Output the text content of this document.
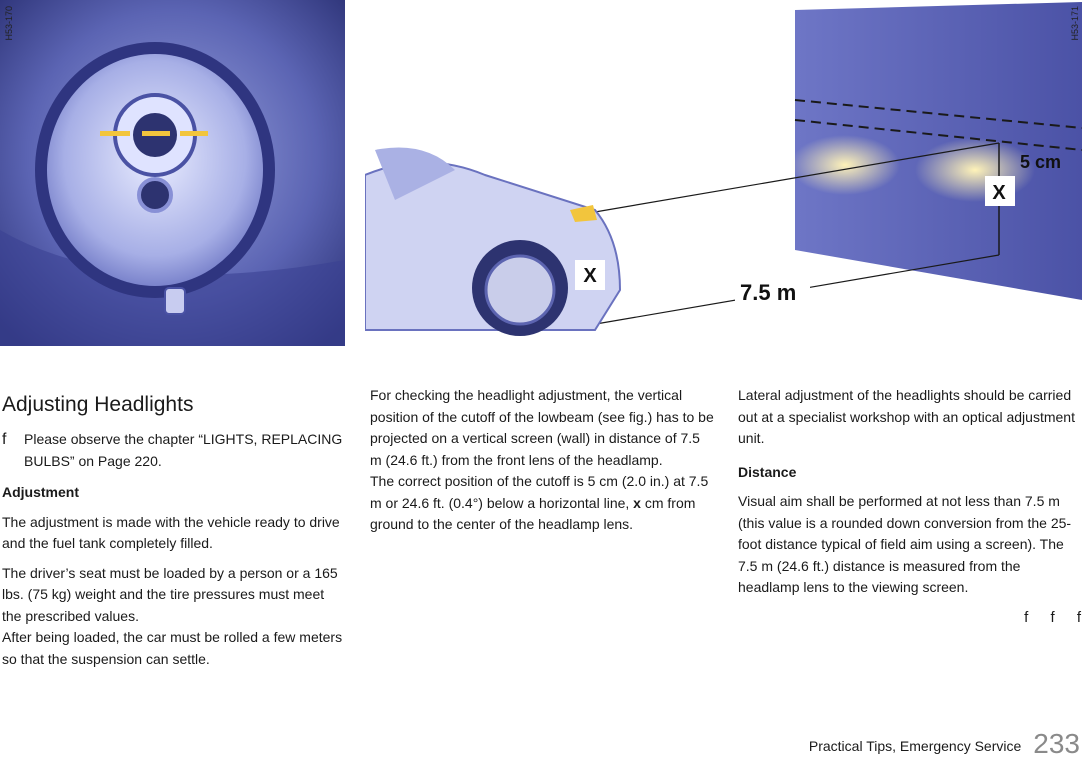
H53-170
X
X
5 cm
7.5 m
H53-171
Adjusting Headlights
f	Please observe the chapter “LIGHTS, REPLACING BULBS” on Page 220.
Adjustment

The adjustment is made with the vehicle ready to drive and the fuel tank completely filled.

The driver’s seat must be loaded by a person or a 165 lbs. (75 kg) weight and the tire pressures must meet the prescribed values.

After being loaded, the car must be rolled a few meters so that the suspension can settle.

For checking the headlight adjustment, the vertical position of the cutoff of the lowbeam (see fig.) has to be projected on a vertical screen (wall) in distance of 7.5 m (24.6 ft.) from the front lens of the headlamp.

The correct position of the cutoff is 5 cm (2.0 in.) at 7.5 m or 24.6 ft. (0.4°) below a horizontal line, x cm from ground to the center of the headlamp lens.

Lateral adjustment of the headlights should be carried out at a specialist workshop with an optical adjustment unit.

Distance

Visual aim shall be performed at not less than 7.5 m (this value is a rounded down conversion from the 25-foot distance typical of field aim using a screen). The 7.5 m (24.6 ft.) distance is measured from the headlamp lens to the viewing screen.

f f f
Practical Tips, Emergency Service 233
